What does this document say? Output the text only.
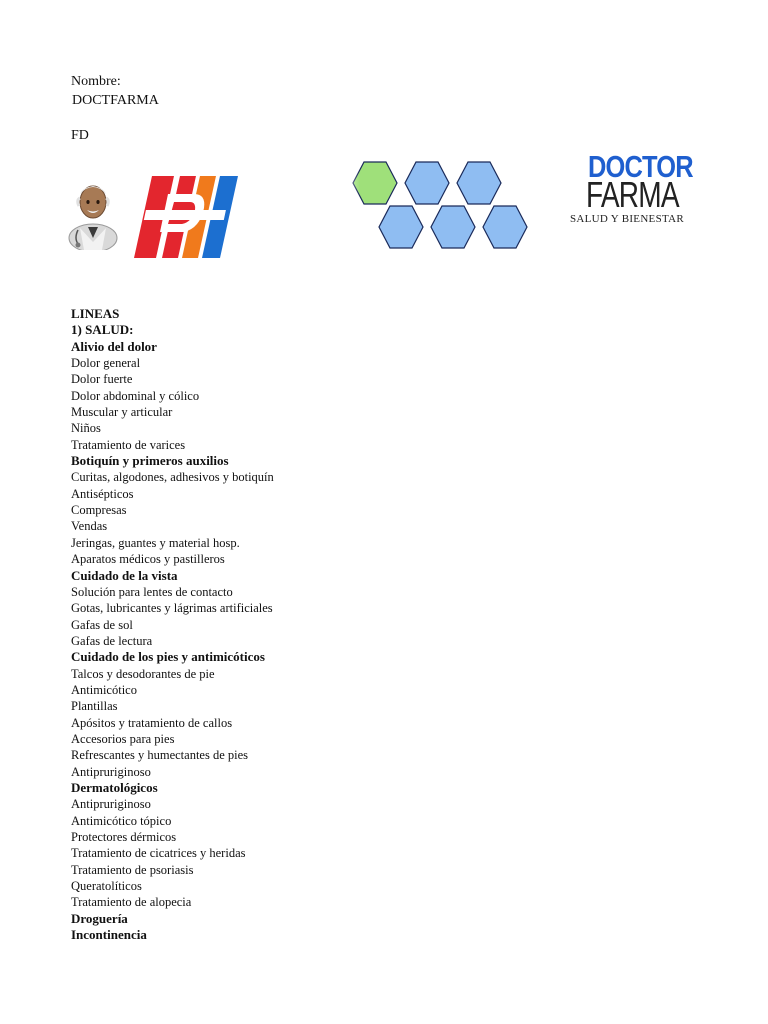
Nombre:
DOCTFARMA
FD
DOCTOR
FARMA
SALUD Y BIENESTAR
LINEAS
1) SALUD:
Alivio del dolor
Dolor general
Dolor fuerte
Dolor abdominal y cólico
Muscular y articular
Niños
Tratamiento de varices
Botiquín y primeros auxilios
Curitas, algodones, adhesivos y botiquín
Antisépticos
Compresas
Vendas
Jeringas, guantes y material hosp.
Aparatos médicos y pastilleros
Cuidado de la vista
Solución para lentes de contacto
Gotas, lubricantes y lágrimas artificiales
Gafas de sol
Gafas de lectura
Cuidado de los pies y antimicóticos
Talcos y desodorantes de pie
Antimicótico
Plantillas
Apósitos y tratamiento de callos
Accesorios para pies
Refrescantes y humectantes de pies
Antipruriginoso
Dermatológicos
Antipruriginoso
Antimicótico tópico
Protectores dérmicos
Tratamiento de cicatrices y heridas
Tratamiento de psoriasis
Queratolíticos
Tratamiento de alopecia
Droguería
Incontinencia
